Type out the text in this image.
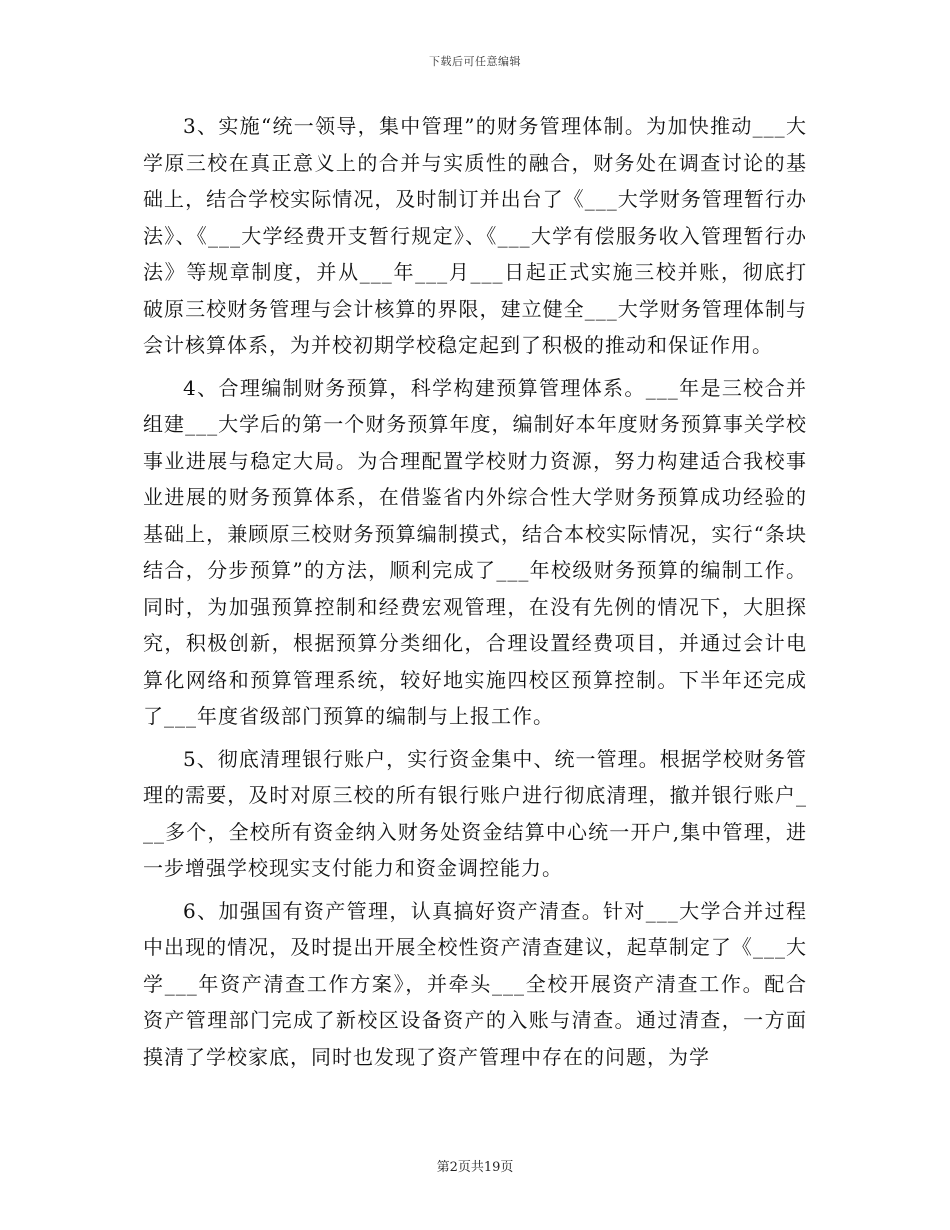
下载后可任意编辑

3、实施“统一领导，集中管理”的财务管理体制。为加快推动___大学原三校在真正意义上的合并与实质性的融合，财务处在调查讨论的基础上，结合学校实际情况，及时制订并出台了《___大学财务管理暂行办法》、《___大学经费开支暂行规定》、《___大学有偿服务收入管理暂行办法》等规章制度，并从___年___月___日起正式实施三校并账，彻底打破原三校财务管理与会计核算的界限，建立健全___大学财务管理体制与会计核算体系，为并校初期学校稳定起到了积极的推动和保证作用。

4、合理编制财务预算，科学构建预算管理体系。___年是三校合并组建___大学后的第一个财务预算年度，编制好本年度财务预算事关学校事业进展与稳定大局。为合理配置学校财力资源，努力构建适合我校事业进展的财务预算体系，在借鉴省内外综合性大学财务预算成功经验的基础上，兼顾原三校财务预算编制摸式，结合本校实际情况，实行“条块结合，分步预算”的方法，顺利完成了___年校级财务预算的编制工作。同时，为加强预算控制和经费宏观管理，在没有先例的情况下，大胆探究，积极创新，根据预算分类细化，合理设置经费项目，并通过会计电算化网络和预算管理系统，较好地实施四校区预算控制。下半年还完成了___年度省级部门预算的编制与上报工作。

5、彻底清理银行账户，实行资金集中、统一管理。根据学校财务管理的需要，及时对原三校的所有银行账户进行彻底清理，撤并银行账户___多个，全校所有资金纳入财务处资金结算中心统一开户,集中管理，进一步增强学校现实支付能力和资金调控能力。

6、加强国有资产管理，认真搞好资产清查。针对___大学合并过程中出现的情况，及时提出开展全校性资产清查建议，起草制定了《___大学___年资产清查工作方案》，并牵头___全校开展资产清查工作。配合资产管理部门完成了新校区设备资产的入账与清查。通过清查，一方面摸清了学校家底，同时也发现了资产管理中存在的问题，为学

第2页共19页
